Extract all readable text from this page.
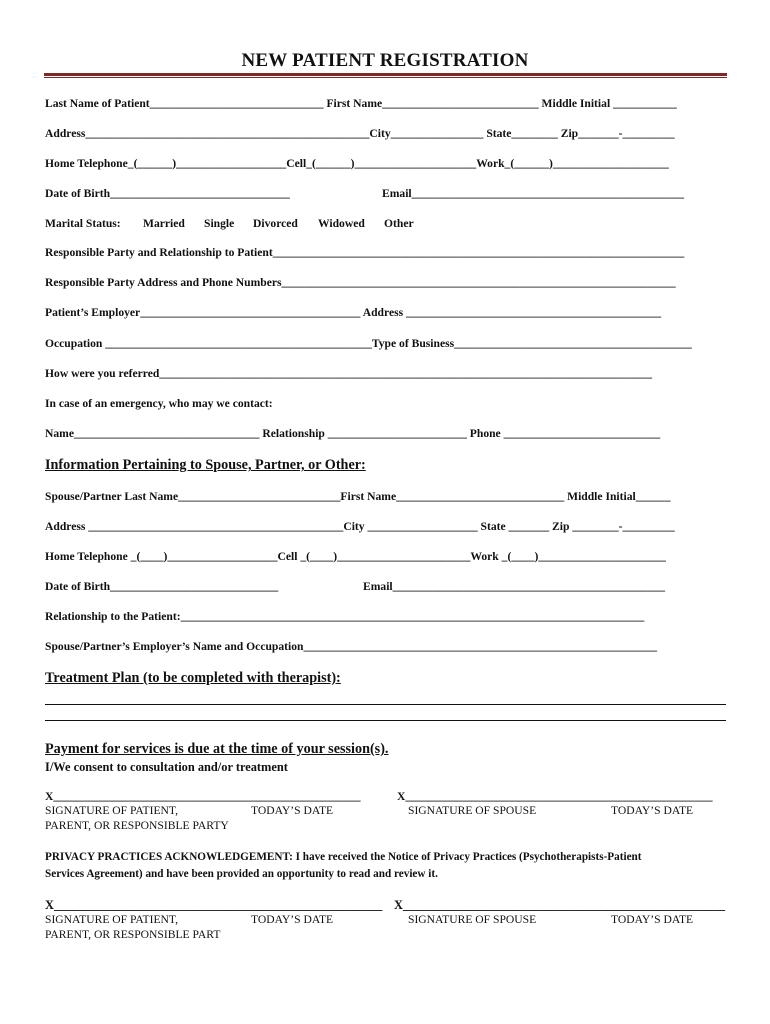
NEW PATIENT REGISTRATION
Last Name of Patient______________________________ First Name___________________________ Middle Initial ___________
Address_________________________________________________City________________ State________ Zip_______-_________
Home Telephone_(______)___________________Cell_(______)_____________________Work_(______)____________________
Date of Birth_______________________________	Email_______________________________________________
Marital Status: Married Single Divorced Widowed Other
Responsible Party and Relationship to Patient_______________________________________________________________________
Responsible Party Address and Phone Numbers____________________________________________________________________
Patient’s Employer______________________________________ Address ____________________________________________
Occupation ______________________________________________Type of Business_________________________________________
How were you referred_____________________________________________________________________________________
In case of an emergency, who may we contact:
Name________________________________ Relationship ________________________ Phone ___________________________
Information Pertaining to Spouse, Partner, or Other:
Spouse/Partner Last Name____________________________First Name_____________________________ Middle Initial______
Address ____________________________________________City ___________________ State _______ Zip ________-_________
Home Telephone _(____)___________________Cell _(____)_______________________Work _(____)______________________
Date of Birth_____________________________	Email_______________________________________________
Relationship to the Patient:________________________________________________________________________________
Spouse/Partner’s Employer’s Name and Occupation_____________________________________________________________
Treatment Plan (to be completed with therapist):
Payment for services is due at the time of your session(s).
I/We consent to consultation and/or treatment
X_____________________________________________________	X_____________________________________________________
SIGNATURE OF PATIENT,	TODAY’S DATE	SIGNATURE OF SPOUSE	TODAY’S DATE
PARENT, OR RESPONSIBLE PARTY
PRIVACY PRACTICES ACKNOWLEDGEMENT: I have received the Notice of Privacy Practices (Psychotherapists-Patient
Services Agreement) and have been provided an opportunity to read and review it.
X_____________________________________________________ X____________________________________________________
SIGNATURE OF PATIENT,	TODAY’S DATE	SIGNATURE OF SPOUSE	TODAY’S DATE
PARENT, OR RESPONSIBLE PART
